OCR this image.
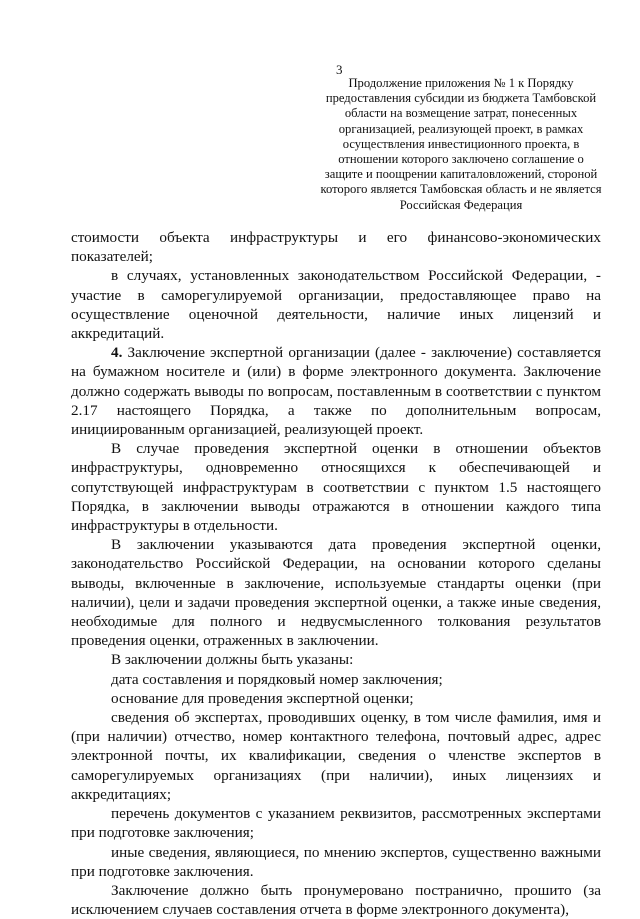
3
Продолжение приложения № 1 к Порядку предоставления субсидии из бюджета Тамбовской области на возмещение затрат, понесенных организацией, реализующей проект, в рамках осуществления инвестиционного проекта, в отношении которого заключено соглашение о защите и поощрении капиталовложений, стороной которого является Тамбовская область и не является Российская Федерация

стоимости объекта инфраструктуры и его финансово-экономических показателей;

в случаях, установленных законодательством Российской Федерации, - участие в саморегулируемой организации, предоставляющее право на осуществление оценочной деятельности, наличие иных лицензий и аккредитаций.

4. Заключение экспертной организации (далее - заключение) составляется на бумажном носителе и (или) в форме электронного документа. Заключение должно содержать выводы по вопросам, поставленным в соответствии с пунктом 2.17 настоящего Порядка, а также по дополнительным вопросам, инициированным организацией, реализующей проект.

В случае проведения экспертной оценки в отношении объектов инфраструктуры, одновременно относящихся к обеспечивающей и сопутствующей инфраструктурам в соответствии с пунктом 1.5 настоящего Порядка, в заключении выводы отражаются в отношении каждого типа инфраструктуры в отдельности.

В заключении указываются дата проведения экспертной оценки, законодательство Российской Федерации, на основании которого сделаны выводы, включенные в заключение, используемые стандарты оценки (при наличии), цели и задачи проведения экспертной оценки, а также иные сведения, необходимые для полного и недвусмысленного толкования результатов проведения оценки, отраженных в заключении.

В заключении должны быть указаны:

дата составления и порядковый номер заключения;

основание для проведения экспертной оценки;

сведения об экспертах, проводивших оценку, в том числе фамилия, имя и (при наличии) отчество, номер контактного телефона, почтовый адрес, адрес электронной почты, их квалификации, сведения о членстве экспертов в саморегулируемых организациях (при наличии), иных лицензиях и аккредитациях;

перечень документов с указанием реквизитов, рассмотренных экспертами при подготовке заключения;

иные сведения, являющиеся, по мнению экспертов, существенно важными при подготовке заключения.

Заключение должно быть пронумеровано постранично, прошито (за исключением случаев составления отчета в форме электронного документа),
